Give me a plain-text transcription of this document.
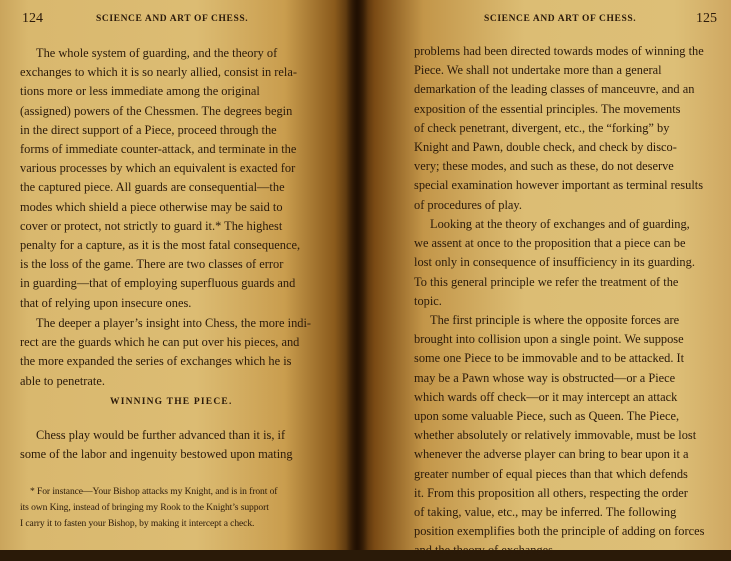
124	SCIENCE AND ART OF CHESS.
The whole system of guarding, and the theory of
exchanges to which it is so nearly allied, consist in rela-
tions more or less immediate among the original
(assigned) powers of the Chessmen. The degrees begin
in the direct support of a Piece, proceed through the
forms of immediate counter-attack, and terminate in the
various processes by which an equivalent is exacted for
the captured piece. All guards are consequential—the
modes which shield a piece otherwise may be said to
cover or protect, not strictly to guard it.* The highest
penalty for a capture, as it is the most fatal consequence,
is the loss of the game. There are two classes of error
in guarding—that of employing superfluous guards and
that of relying upon insecure ones.
The deeper a player’s insight into Chess, the more indi-
rect are the guards which he can put over his pieces, and
the more expanded the series of exchanges which he is
able to penetrate.
WINNING THE PIECE.
Chess play would be further advanced than it is, if
some of the labor and ingenuity bestowed upon mating
* For instance—Your Bishop attacks my Knight, and is in front of
its own King, instead of bringing my Rook to the Knight’s support
I carry it to fasten your Bishop, by making it intercept a check.
SCIENCE AND ART OF CHESS.	125
problems had been directed towards modes of winning the
Piece. We shall not undertake more than a general
demarkation of the leading classes of manceuvre, and an
exposition of the essential principles. The movements
of check penetrant, divergent, etc., the “forking” by
Knight and Pawn, double check, and check by disco-
very; these modes, and such as these, do not deserve
special examination however important as terminal results
of procedures of play.
Looking at the theory of exchanges and of guarding,
we assent at once to the proposition that a piece can be
lost only in consequence of insufficiency in its guarding.
To this general principle we refer the treatment of the
topic.
The first principle is where the opposite forces are
brought into collision upon a single point. We suppose
some one Piece to be immovable and to be attacked. It
may be a Pawn whose way is obstructed—or a Piece
which wards off check—or it may intercept an attack
upon some valuable Piece, such as Queen. The Piece,
whether absolutely or relatively immovable, must be lost
whenever the adverse player can bring to bear upon it a
greater number of equal pieces than that which defends
it. From this proposition all others, respecting the order
of taking, value, etc., may be inferred. The following
position exemplifies both the principle of adding on forces
and the theory of exchanges.
